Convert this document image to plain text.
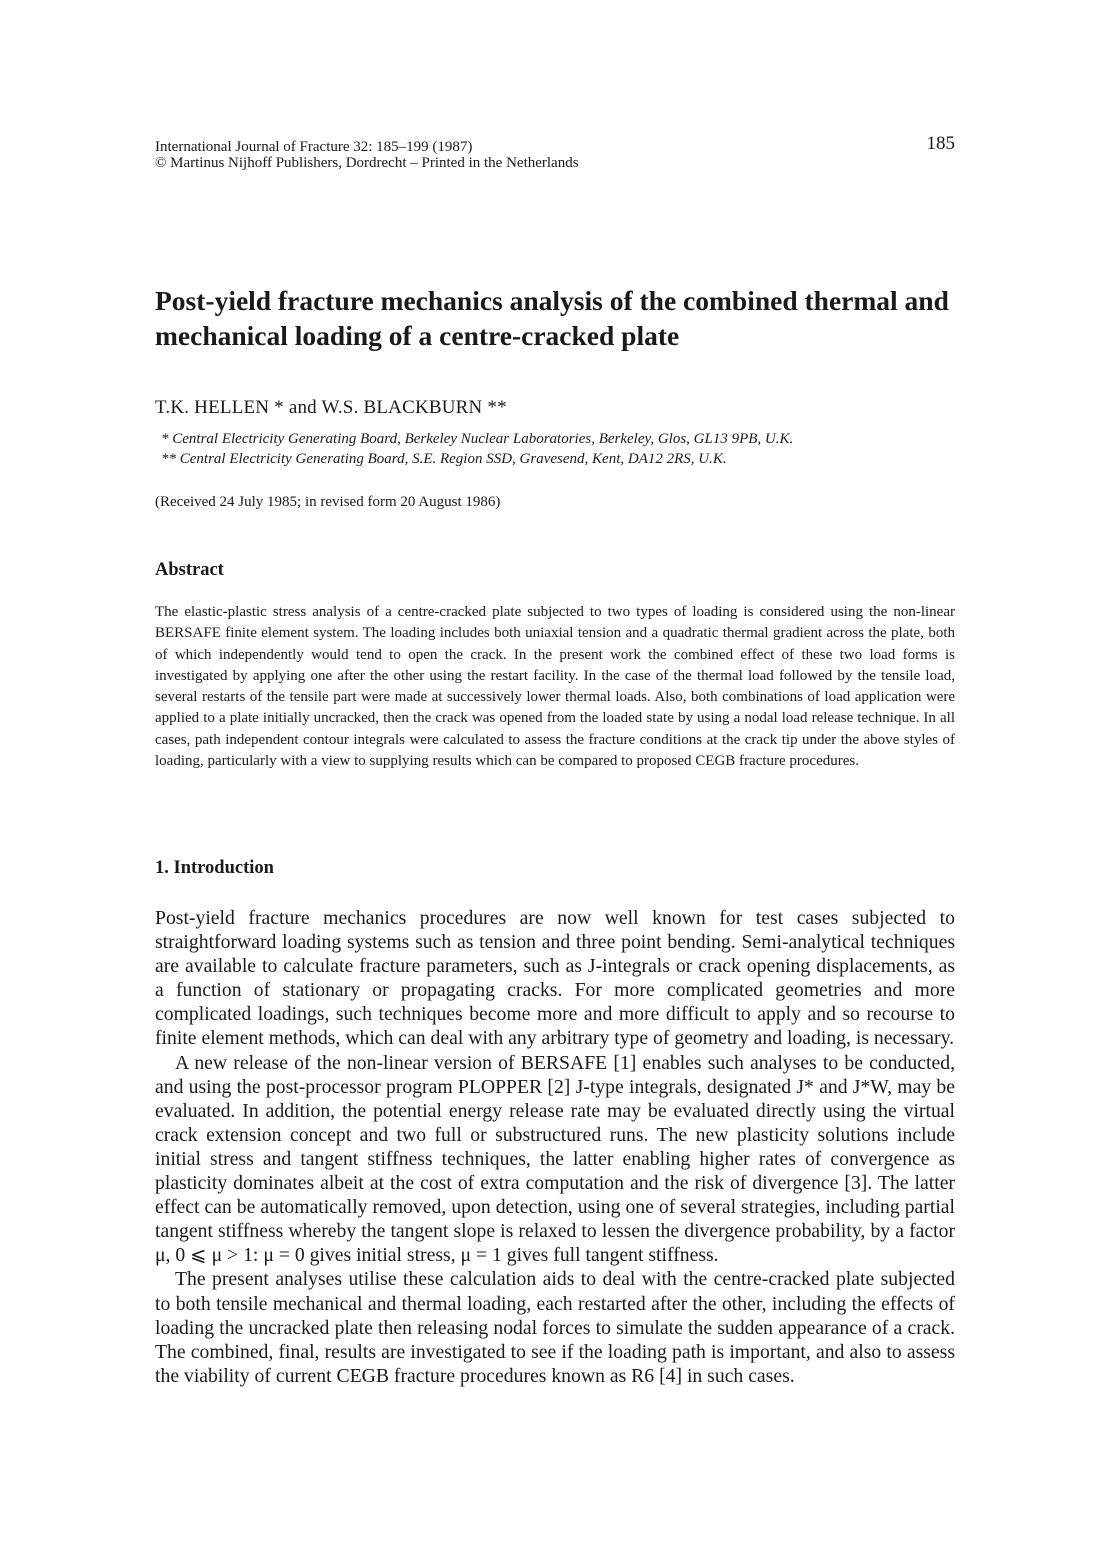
International Journal of Fracture 32: 185–199 (1987)
© Martinus Nijhoff Publishers, Dordrecht – Printed in the Netherlands
185
Post-yield fracture mechanics analysis of the combined thermal and mechanical loading of a centre-cracked plate
T.K. HELLEN * and W.S. BLACKBURN **
* Central Electricity Generating Board, Berkeley Nuclear Laboratories, Berkeley, Glos, GL13 9PB, U.K.
** Central Electricity Generating Board, S.E. Region SSD, Gravesend, Kent, DA12 2RS, U.K.
(Received 24 July 1985; in revised form 20 August 1986)
Abstract

The elastic-plastic stress analysis of a centre-cracked plate subjected to two types of loading is considered using the non-linear BERSAFE finite element system. The loading includes both uniaxial tension and a quadratic thermal gradient across the plate, both of which independently would tend to open the crack. In the present work the combined effect of these two load forms is investigated by applying one after the other using the restart facility. In the case of the thermal load followed by the tensile load, several restarts of the tensile part were made at successively lower thermal loads. Also, both combinations of load application were applied to a plate initially uncracked, then the crack was opened from the loaded state by using a nodal load release technique. In all cases, path independent contour integrals were calculated to assess the fracture conditions at the crack tip under the above styles of loading, particularly with a view to supplying results which can be compared to proposed CEGB fracture procedures.

1. Introduction

Post-yield fracture mechanics procedures are now well known for test cases subjected to straightforward loading systems such as tension and three point bending. Semi-analytical techniques are available to calculate fracture parameters, such as J-integrals or crack opening displacements, as a function of stationary or propagating cracks. For more complicated geometries and more complicated loadings, such techniques become more and more difficult to apply and so recourse to finite element methods, which can deal with any arbitrary type of geometry and loading, is necessary.

A new release of the non-linear version of BERSAFE [1] enables such analyses to be conducted, and using the post-processor program PLOPPER [2] J-type integrals, designated J* and J*W, may be evaluated. In addition, the potential energy release rate may be evaluated directly using the virtual crack extension concept and two full or substructured runs. The new plasticity solutions include initial stress and tangent stiffness techniques, the latter enabling higher rates of convergence as plasticity dominates albeit at the cost of extra computation and the risk of divergence [3]. The latter effect can be automatically removed, upon detection, using one of several strategies, including partial tangent stiffness whereby the tangent slope is relaxed to lessen the divergence probability, by a factor μ, 0 ⩽ μ > 1: μ = 0 gives initial stress, μ = 1 gives full tangent stiffness.

The present analyses utilise these calculation aids to deal with the centre-cracked plate subjected to both tensile mechanical and thermal loading, each restarted after the other, including the effects of loading the uncracked plate then releasing nodal forces to simulate the sudden appearance of a crack. The combined, final, results are investigated to see if the loading path is important, and also to assess the viability of current CEGB fracture procedures known as R6 [4] in such cases.
